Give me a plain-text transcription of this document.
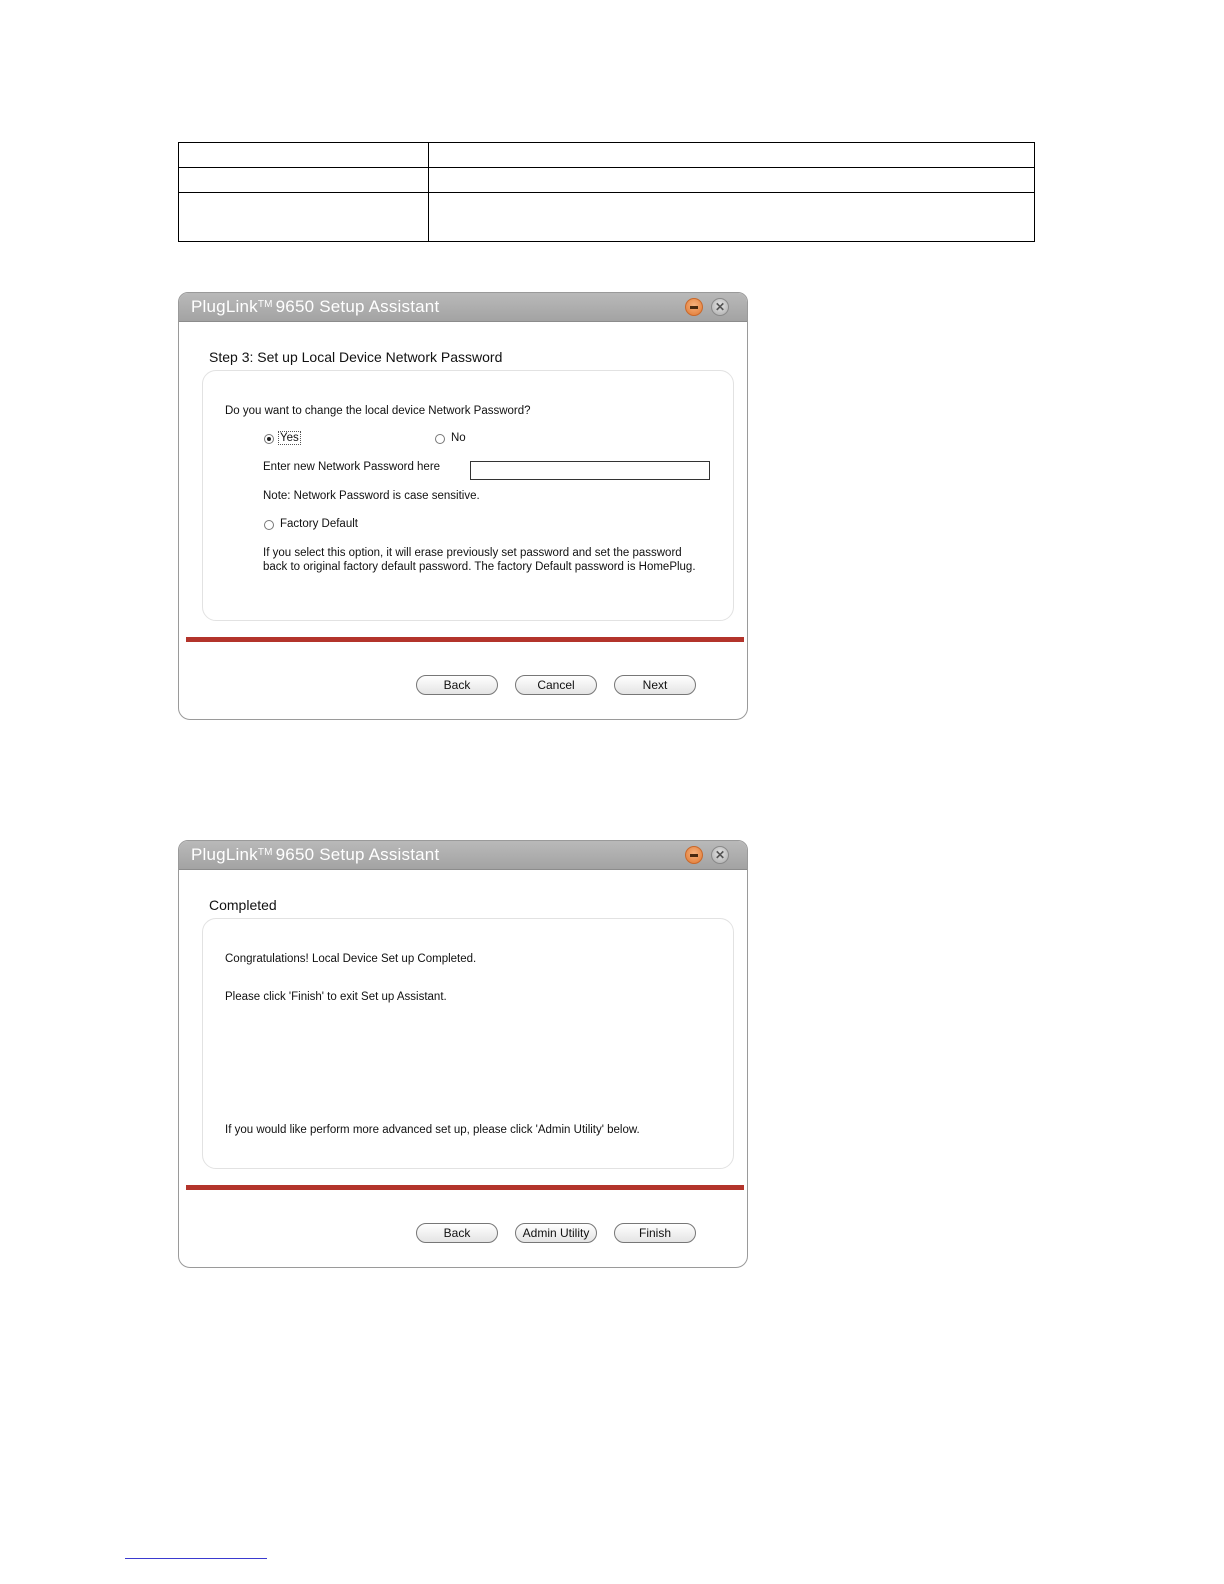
PlugLink™ 9650 Setup Assistant	✕
Step 3: Set up Local Device Network Password
Do you want to change the local device Network Password?
Yes	No
Enter new Network Password here
Note: Network Password is case sensitive.
Factory Default
If you select this option, it will erase previously set password and set the password
back to original factory default password. The factory Default password is HomePlug.
Back	Cancel	Next
PlugLink™ 9650 Setup Assistant	✕
Completed
Congratulations! Local Device Set up Completed.
Please click 'Finish' to exit Set up Assistant.
If you would like perform more advanced set up, please click 'Admin Utility' below.
Back	Admin Utility	Finish
